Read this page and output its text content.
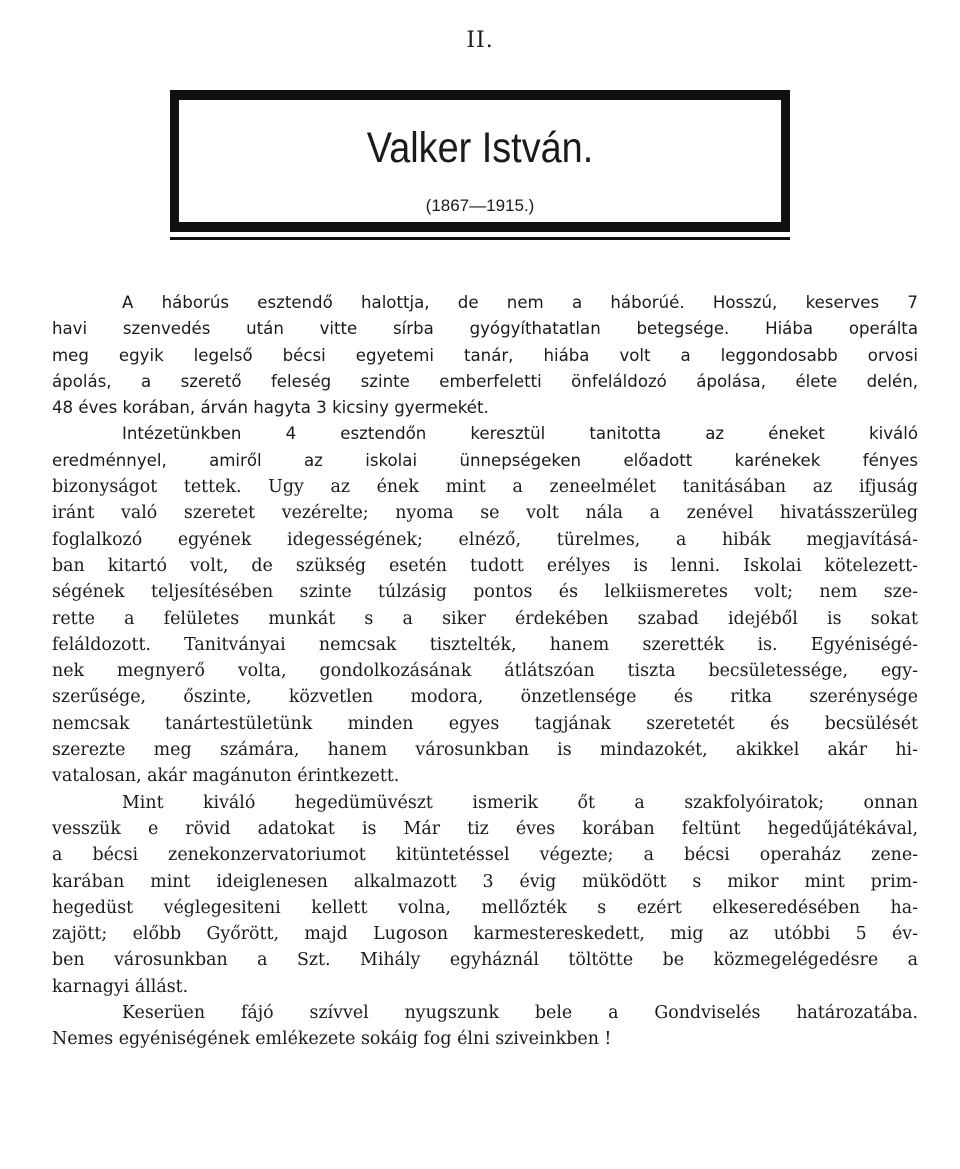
II.
Valker István.
(1867—1915.)
A háborús esztendő halottja, de nem a háborúé. Hosszú, keserves 7
havi szenvedés után vitte sírba gyógyíthatatlan betegsége. Hiába operálta
meg egyik legelső bécsi egyetemi tanár, hiába volt a leggondosabb orvosi
ápolás, a szerető feleség szinte emberfeletti önfeláldozó ápolása, élete delén,
48 éves korában, árván hagyta 3 kicsiny gyermekét.
Intézetünkben 4 esztendőn keresztül tanitotta az éneket kiváló
eredménnyel, amiről az iskolai ünnepségeken előadott karénekek fényes
bizonyságot tettek. Ugy az ének mint a zeneelmélet tanitásában az ifjuság
iránt való szeretet vezérelte; nyoma se volt nála a zenével hivatásszerüleg
foglalkozó egyének idegességének; elnéző, türelmes, a hibák megjavításá-
ban kitartó volt, de szükség esetén tudott erélyes is lenni. Iskolai kötelezett-
ségének teljesítésében szinte túlzásig pontos és lelkiismeretes volt; nem sze-
rette a felületes munkát s a siker érdekében szabad idejéből is sokat
feláldozott. Tanitványai nemcsak tisztelték, hanem szerették is. Egyéniségé-
nek megnyerő volta, gondolkozásának átlátszóan tiszta becsületessége, egy-
szerűsége, őszinte, közvetlen modora, önzetlensége és ritka szerénysége
nemcsak tanártestületünk minden egyes tagjának szeretetét és becsülését
szerezte meg számára, hanem városunkban is mindazokét, akikkel akár hi-
vatalosan, akár magánuton érintkezett.
Mint kiváló hegedümüvészt ismerik őt a szakfolyóiratok; onnan
vesszük e rövid adatokat is Már tiz éves korában feltünt hegedűjátékával,
a bécsi zenekonzervatoriumot kitüntetéssel végezte; a bécsi operaház zene-
karában mint ideiglenesen alkalmazott 3 évig müködött s mikor mint prim-
hegedüst véglegesiteni kellett volna, mellőzték s ezért elkeseredésében ha-
zajött; előbb Győrött, majd Lugoson karmestereskedett, mig az utóbbi 5 év-
ben városunkban a Szt. Mihály egyháznál töltötte be közmegelégedésre a
karnagyi állást.
Keserüen fájó szívvel nyugszunk bele a Gondviselés határozatába.
Nemes egyéniségének emlékezete sokáig fog élni sziveinkben !
